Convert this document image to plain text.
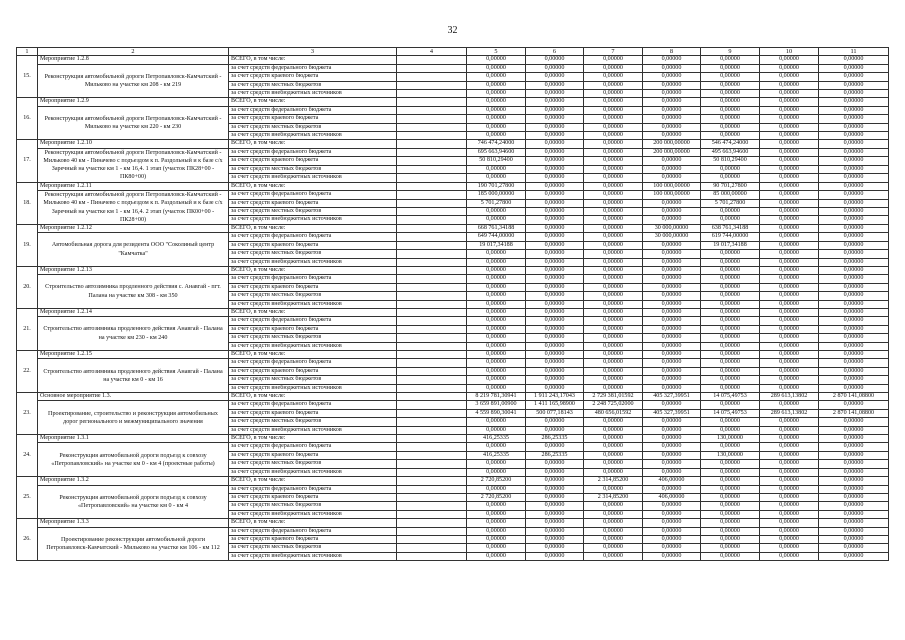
32
1	2	3	4	5	6	7	8	9	10	11
15.	Мероприятие 1.2.8	ВСЕГО, в том числе:		0,00000	0,00000	0,00000	0,00000	0,00000	0,00000	0,00000
	Реконструкция автомобильной дороги Петропавловск-Камчатский - Мильково на участке км 208 - км 219	за счет средств федерального бюджета		0,00000	0,00000	0,00000	0,00000	0,00000	0,00000	0,00000
		за счет средств краевого бюджета		0,00000	0,00000	0,00000	0,00000	0,00000	0,00000	0,00000
		за счет средств местных бюджетов		0,00000	0,00000	0,00000	0,00000	0,00000	0,00000	0,00000
		за счет средств внебюджетных источников		0,00000	0,00000	0,00000	0,00000	0,00000	0,00000	0,00000
16.	Мероприятие 1.2.9	ВСЕГО, в том числе:		0,00000	0,00000	0,00000	0,00000	0,00000	0,00000	0,00000
	Реконструкция автомобильной дороги Петропавловск-Камчатский - Мильково на участке км 220 - км 230	за счет средств федерального бюджета		0,00000	0,00000	0,00000	0,00000	0,00000	0,00000	0,00000
		за счет средств краевого бюджета		0,00000	0,00000	0,00000	0,00000	0,00000	0,00000	0,00000
		за счет средств местных бюджетов		0,00000	0,00000	0,00000	0,00000	0,00000	0,00000	0,00000
		за счет средств внебюджетных источников		0,00000	0,00000	0,00000	0,00000	0,00000	0,00000	0,00000
17.	Мероприятие 1.2.10	ВСЕГО, в том числе:		746 474,24000	0,00000	0,00000	200 000,00000	546 474,24000	0,00000	0,00000
	Реконструкция автомобильной дороги Петропавловск-Камчатский - Мильково 40 км - Пиначево с подъездом к п. Раздольный и к базе с/х Заречный на участке км 1 - км 16,4. 1 этап (участок ПК28+00 - ПК80+00)	за счет средств федерального бюджета		695 663,94600	0,00000	0,00000	200 000,00000	495 663,94600	0,00000	0,00000
		за счет средств краевого бюджета		50 810,29400	0,00000	0,00000	0,00000	50 810,29400	0,00000	0,00000
		за счет средств местных бюджетов		0,00000	0,00000	0,00000	0,00000	0,00000	0,00000	0,00000
		за счет средств внебюджетных источников		0,00000	0,00000	0,00000	0,00000	0,00000	0,00000	0,00000
18.	Мероприятие 1.2.11	ВСЕГО, в том числе:		190 701,27800	0,00000	0,00000	100 000,00000	90 701,27800	0,00000	0,00000
	Реконструкция автомобильной дороги Петропавловск-Камчатский - Мильково 40 км - Пиначево с подъездом к п. Раздольный и к базе с/х Заречный на участке км 1 - км 16,4. 2 этап (участок ПК00+00 - ПК28+00)	за счет средств федерального бюджета		185 000,00000	0,00000	0,00000	100 000,00000	85 000,00000	0,00000	0,00000
		за счет средств краевого бюджета		5 701,27800	0,00000	0,00000	0,00000	5 701,27800	0,00000	0,00000
		за счет средств местных бюджетов		0,00000	0,00000	0,00000	0,00000	0,00000	0,00000	0,00000
		за счет средств внебюджетных источников		0,00000	0,00000	0,00000	0,00000	0,00000	0,00000	0,00000
19.	Мероприятие 1.2.12	ВСЕГО, в том числе:		668 761,34188	0,00000	0,00000	30 000,00000	638 761,34188	0,00000	0,00000
	Автомобильная дорога для резидента ООО "Соколиный центр "Камчатка"	за счет средств федерального бюджета		649 744,00000	0,00000	0,00000	30 000,00000	619 744,00000	0,00000	0,00000
		за счет средств краевого бюджета		19 017,34188	0,00000	0,00000	0,00000	19 017,34188	0,00000	0,00000
		за счет средств местных бюджетов		0,00000	0,00000	0,00000	0,00000	0,00000	0,00000	0,00000
		за счет средств внебюджетных источников		0,00000	0,00000	0,00000	0,00000	0,00000	0,00000	0,00000
20.	Мероприятие 1.2.13	ВСЕГО, в том числе:		0,00000	0,00000	0,00000	0,00000	0,00000	0,00000	0,00000
	Строительство автозимника продленного действия с. Анавгай - пгт. Палана на участке км 308 - км 350	за счет средств федерального бюджета		0,00000	0,00000	0,00000	0,00000	0,00000	0,00000	0,00000
		за счет средств краевого бюджета		0,00000	0,00000	0,00000	0,00000	0,00000	0,00000	0,00000
		за счет средств местных бюджетов		0,00000	0,00000	0,00000	0,00000	0,00000	0,00000	0,00000
		за счет средств внебюджетных источников		0,00000	0,00000	0,00000	0,00000	0,00000	0,00000	0,00000
21.	Мероприятие 1.2.14	ВСЕГО, в том числе:		0,00000	0,00000	0,00000	0,00000	0,00000	0,00000	0,00000
	Строительство автозимника продленного действия Анавгай - Палана на участке км 230 - км 240	за счет средств федерального бюджета		0,00000	0,00000	0,00000	0,00000	0,00000	0,00000	0,00000
		за счет средств краевого бюджета		0,00000	0,00000	0,00000	0,00000	0,00000	0,00000	0,00000
		за счет средств местных бюджетов		0,00000	0,00000	0,00000	0,00000	0,00000	0,00000	0,00000
		за счет средств внебюджетных источников		0,00000	0,00000	0,00000	0,00000	0,00000	0,00000	0,00000
22.	Мероприятие 1.2.15	ВСЕГО, в том числе:		0,00000	0,00000	0,00000	0,00000	0,00000	0,00000	0,00000
	Строительство автозимника продленного действия Анавгай - Палана на участке км 0 - км 16	за счет средств федерального бюджета		0,00000	0,00000	0,00000	0,00000	0,00000	0,00000	0,00000
		за счет средств краевого бюджета		0,00000	0,00000	0,00000	0,00000	0,00000	0,00000	0,00000
		за счет средств местных бюджетов		0,00000	0,00000	0,00000	0,00000	0,00000	0,00000	0,00000
		за счет средств внебюджетных источников		0,00000	0,00000	0,00000	0,00000	0,00000	0,00000	0,00000
23.	Основное мероприятие 1.3.	ВСЕГО, в том числе:		8 219 781,30941	1 911 243,17043	2 729 381,01592	405 327,39951	14 075,49753	289 613,13802	2 870 141,08800
	Проектирование, строительство и реконструкция автомобильных дорог регионального и межмуниципального значения	за счет средств федерального бюджета		3 659 891,00900	1 411 165,98900	2 248 725,02000	0,00000	0,00000	0,00000	0,00000
		за счет средств краевого бюджета		4 559 890,30041	500 077,18143	480 656,01592	405 327,39951	14 075,49753	289 613,13802	2 870 141,08800
		за счет средств местных бюджетов		0,00000	0,00000	0,00000	0,00000	0,00000	0,00000	0,00000
		за счет средств внебюджетных источников		0,00000	0,00000	0,00000	0,00000	0,00000	0,00000	0,00000
24.	Мероприятие 1.3.1	ВСЕГО, в том числе:		416,25335	286,25335	0,00000	0,00000	130,00000	0,00000	0,00000
	Реконструкция автомобильной дороги подъезд к совхозу «Петропавловский» на участке км 0 - км 4 (проектные работы)	за счет средств федерального бюджета		0,00000	0,00000	0,00000	0,00000	0,00000	0,00000	0,00000
		за счет средств краевого бюджета		416,25335	286,25335	0,00000	0,00000	130,00000	0,00000	0,00000
		за счет средств местных бюджетов		0,00000	0,00000	0,00000	0,00000	0,00000	0,00000	0,00000
		за счет средств внебюджетных источников		0,00000	0,00000	0,00000	0,00000	0,00000	0,00000	0,00000
25.	Мероприятие 1.3.2	ВСЕГО, в том числе:		2 720,85200	0,00000	2 314,85200	406,00000	0,00000	0,00000	0,00000
	Реконструкция автомобильной дороги подъезд к совхозу «Петропавловский» на участке км 0 - км 4	за счет средств федерального бюджета		0,00000	0,00000	0,00000	0,00000	0,00000	0,00000	0,00000
		за счет средств краевого бюджета		2 720,85200	0,00000	2 314,85200	406,00000	0,00000	0,00000	0,00000
		за счет средств местных бюджетов		0,00000	0,00000	0,00000	0,00000	0,00000	0,00000	0,00000
		за счет средств внебюджетных источников		0,00000	0,00000	0,00000	0,00000	0,00000	0,00000	0,00000
26.	Мероприятие 1.3.3	ВСЕГО, в том числе:		0,00000	0,00000	0,00000	0,00000	0,00000	0,00000	0,00000
	Проектирование реконструкции автомобильной дороги Петропавловск-Камчатский - Мильково на участке км 106 - км 112	за счет средств федерального бюджета		0,00000	0,00000	0,00000	0,00000	0,00000	0,00000	0,00000
		за счет средств краевого бюджета		0,00000	0,00000	0,00000	0,00000	0,00000	0,00000	0,00000
		за счет средств местных бюджетов		0,00000	0,00000	0,00000	0,00000	0,00000	0,00000	0,00000
		за счет средств внебюджетных источников		0,00000	0,00000	0,00000	0,00000	0,00000	0,00000	0,00000
